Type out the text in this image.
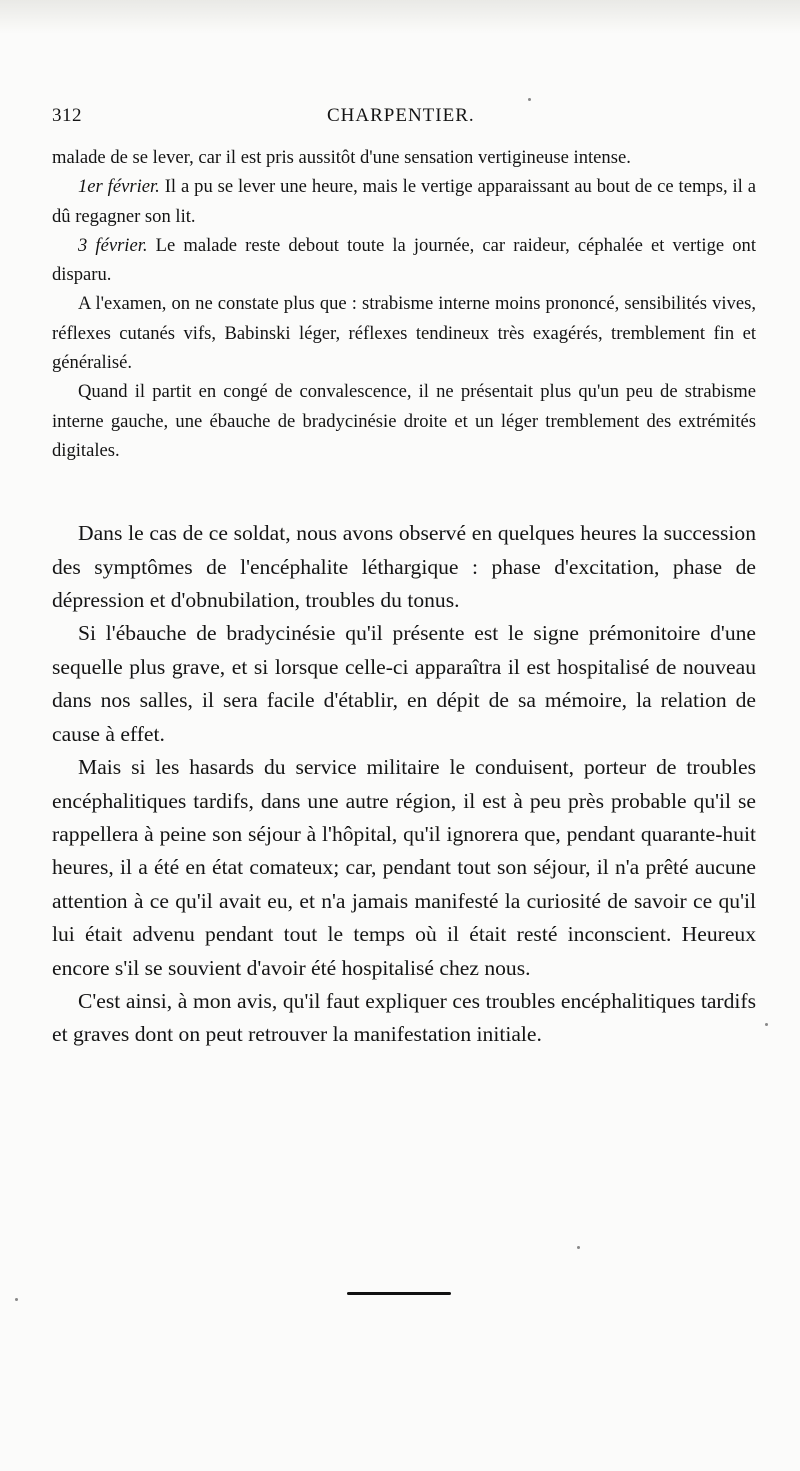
312	CHARPENTIER.

malade de se lever, car il est pris aussitôt d'une sensation vertigineuse intense.

1er février. Il a pu se lever une heure, mais le vertige apparaissant au bout de ce temps, il a dû regagner son lit.

3 février. Le malade reste debout toute la journée, car raideur, céphalée et vertige ont disparu.

A l'examen, on ne constate plus que : strabisme interne moins prononcé, sensibilités vives, réflexes cutanés vifs, Babinski léger, réflexes tendineux très exagérés, tremblement fin et généralisé.

Quand il partit en congé de convalescence, il ne présentait plus qu'un peu de strabisme interne gauche, une ébauche de bradycinésie droite et un léger tremblement des extrémités digitales.

Dans le cas de ce soldat, nous avons observé en quelques heures la succession des symptômes de l'encéphalite léthargique : phase d'excitation, phase de dépression et d'obnubilation, troubles du tonus.

Si l'ébauche de bradycinésie qu'il présente est le signe prémonitoire d'une sequelle plus grave, et si lorsque celle-ci apparaîtra il est hospitalisé de nouveau dans nos salles, il sera facile d'établir, en dépit de sa mémoire, la relation de cause à effet.

Mais si les hasards du service militaire le conduisent, porteur de troubles encéphalitiques tardifs, dans une autre région, il est à peu près probable qu'il se rappellera à peine son séjour à l'hôpital, qu'il ignorera que, pendant quarante-huit heures, il a été en état comateux; car, pendant tout son séjour, il n'a prêté aucune attention à ce qu'il avait eu, et n'a jamais manifesté la curiosité de savoir ce qu'il lui était advenu pendant tout le temps où il était resté inconscient. Heureux encore s'il se souvient d'avoir été hospitalisé chez nous.

C'est ainsi, à mon avis, qu'il faut expliquer ces troubles encéphalitiques tardifs et graves dont on peut retrouver la manifestation initiale.
